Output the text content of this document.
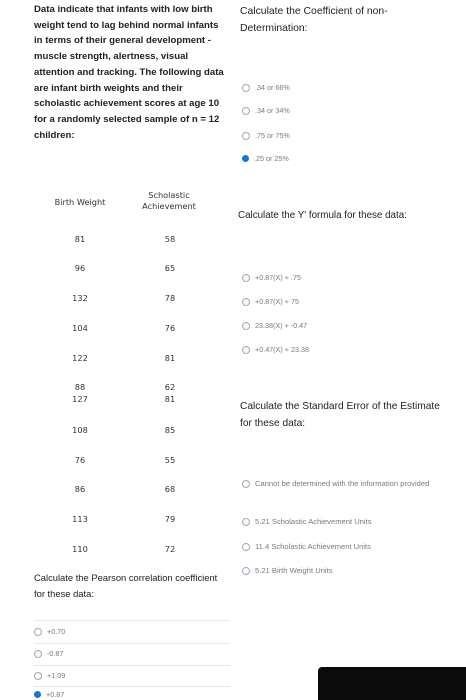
Data indicate that infants with low birth weight tend to lag behind normal infants in terms of their general development - muscle strength, alertness, visual attention and tracking. The following data are infant birth weights and their scholastic achievement scores at age 10 for a randomly selected sample of n = 12 children:
Birth Weight
Scholastic Achievement
81	58
96	65
132	78
104	76
122	81
88	62
127	81
108	85
76	55
86	68
113	79
110	72
Calculate the Pearson correlation coefficient for these data:
+0.70
-0.87
+1.09
+0.87
Calculate the Coefficient of non-Determination:
.34 or 66%
.34 or 34%
.75 or 75%
.25 or 25%
Calculate the Y' formula for these data:
+0.87(X) + .75
+0.87(X) + 75
23.38(X) + -0.47
+0.47(X) + 23.38
Calculate the Standard Error of the Estimate for these data:
Cannot be determined with the information provided
5.21 Scholastic Achievement Units
11.4 Scholastic Achievement Units
5.21 Birth Weight Units
